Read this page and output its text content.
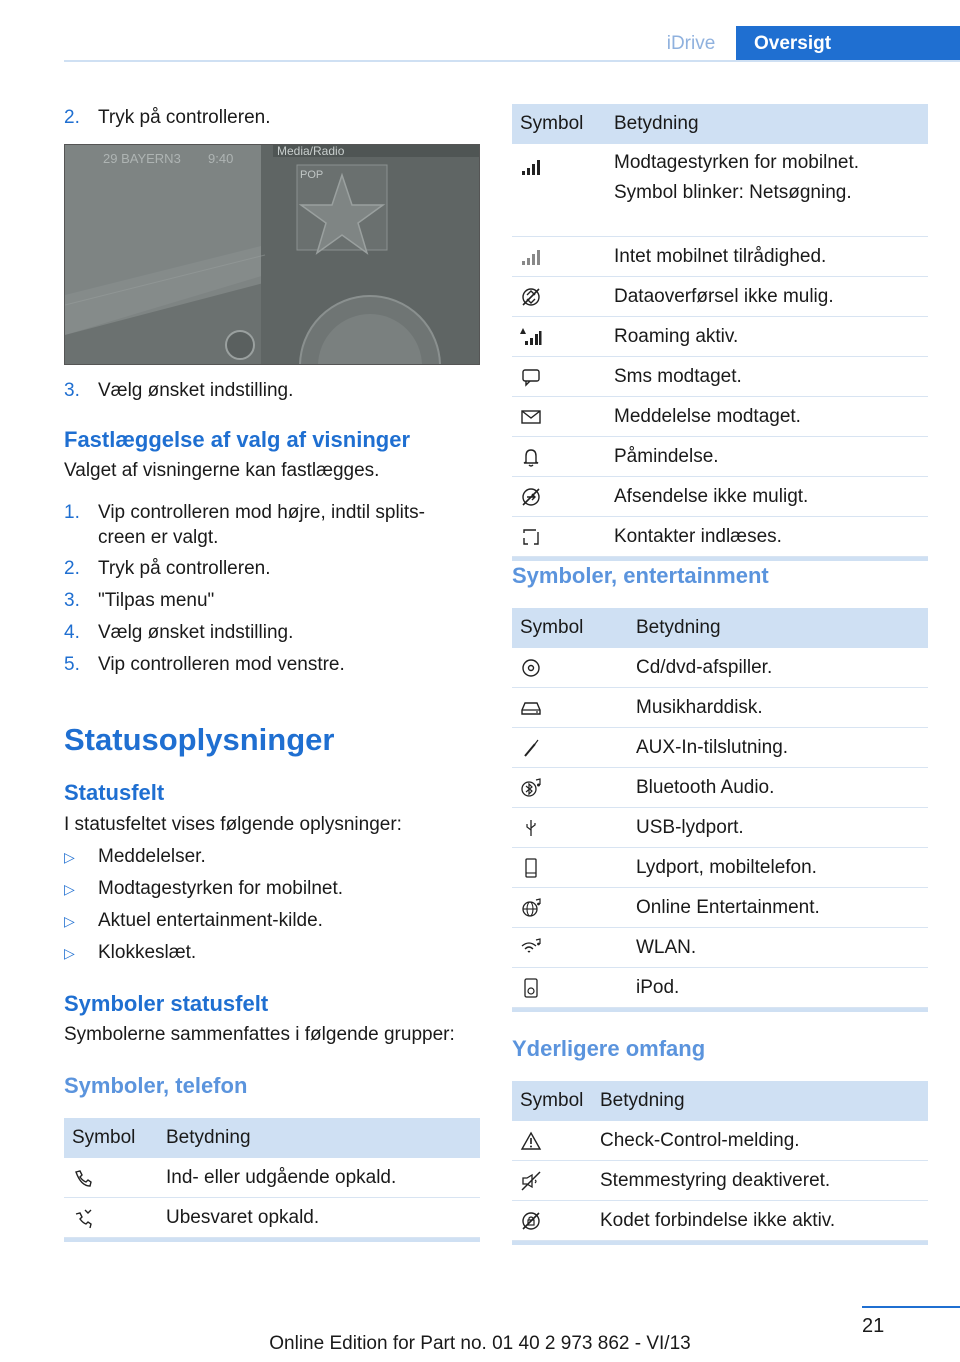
iDrive	Oversigt
2. Tryk på controlleren.
29 BAYERN3 9:40	Media/Radio
POP
3. Vælg ønsket indstilling.
Fastlæggelse af valg af visninger
Valget af visningerne kan fastlægges.
1. Vip controlleren mod højre, indtil splits-creen er valgt.
2. Tryk på controlleren.
3. "Tilpas menu"
4. Vælg ønsket indstilling.
5. Vip controlleren mod venstre.
Statusoplysninger
Statusfelt
I statusfeltet vises følgende oplysninger:
▷	Meddelelser.
▷	Modtagestyrken for mobilnet.
▷	Aktuel entertainment-kilde.
▷	Klokkeslæt.
Symboler statusfelt
Symbolerne sammenfattes i følgende grupper:
Symboler, telefon
Symbol	Betydning
Ind- eller udgående opkald.
Ubesvaret opkald.
Symbol	Betydning
Modtagestyrken for mobilnet.
Symbol blinker: Netsøgning.
Intet mobilnet tilrådighed.
Dataoverførsel ikke mulig.
Roaming aktiv.
Sms modtaget.
Meddelelse modtaget.
Påmindelse.
Afsendelse ikke muligt.
Kontakter indlæses.
Symboler, entertainment
Symbol	Betydning
Cd/dvd-afspiller.
Musikharddisk.
AUX-In-tilslutning.
Bluetooth Audio.
USB-lydport.
Lydport, mobiltelefon.
Online Entertainment.
WLAN.
iPod.
Yderligere omfang
Symbol Betydning
Check-Control-melding.
Stemmestyring deaktiveret.
Kodet forbindelse ikke aktiv.
21
Online Edition for Part no. 01 40 2 973 862 - VI/13
